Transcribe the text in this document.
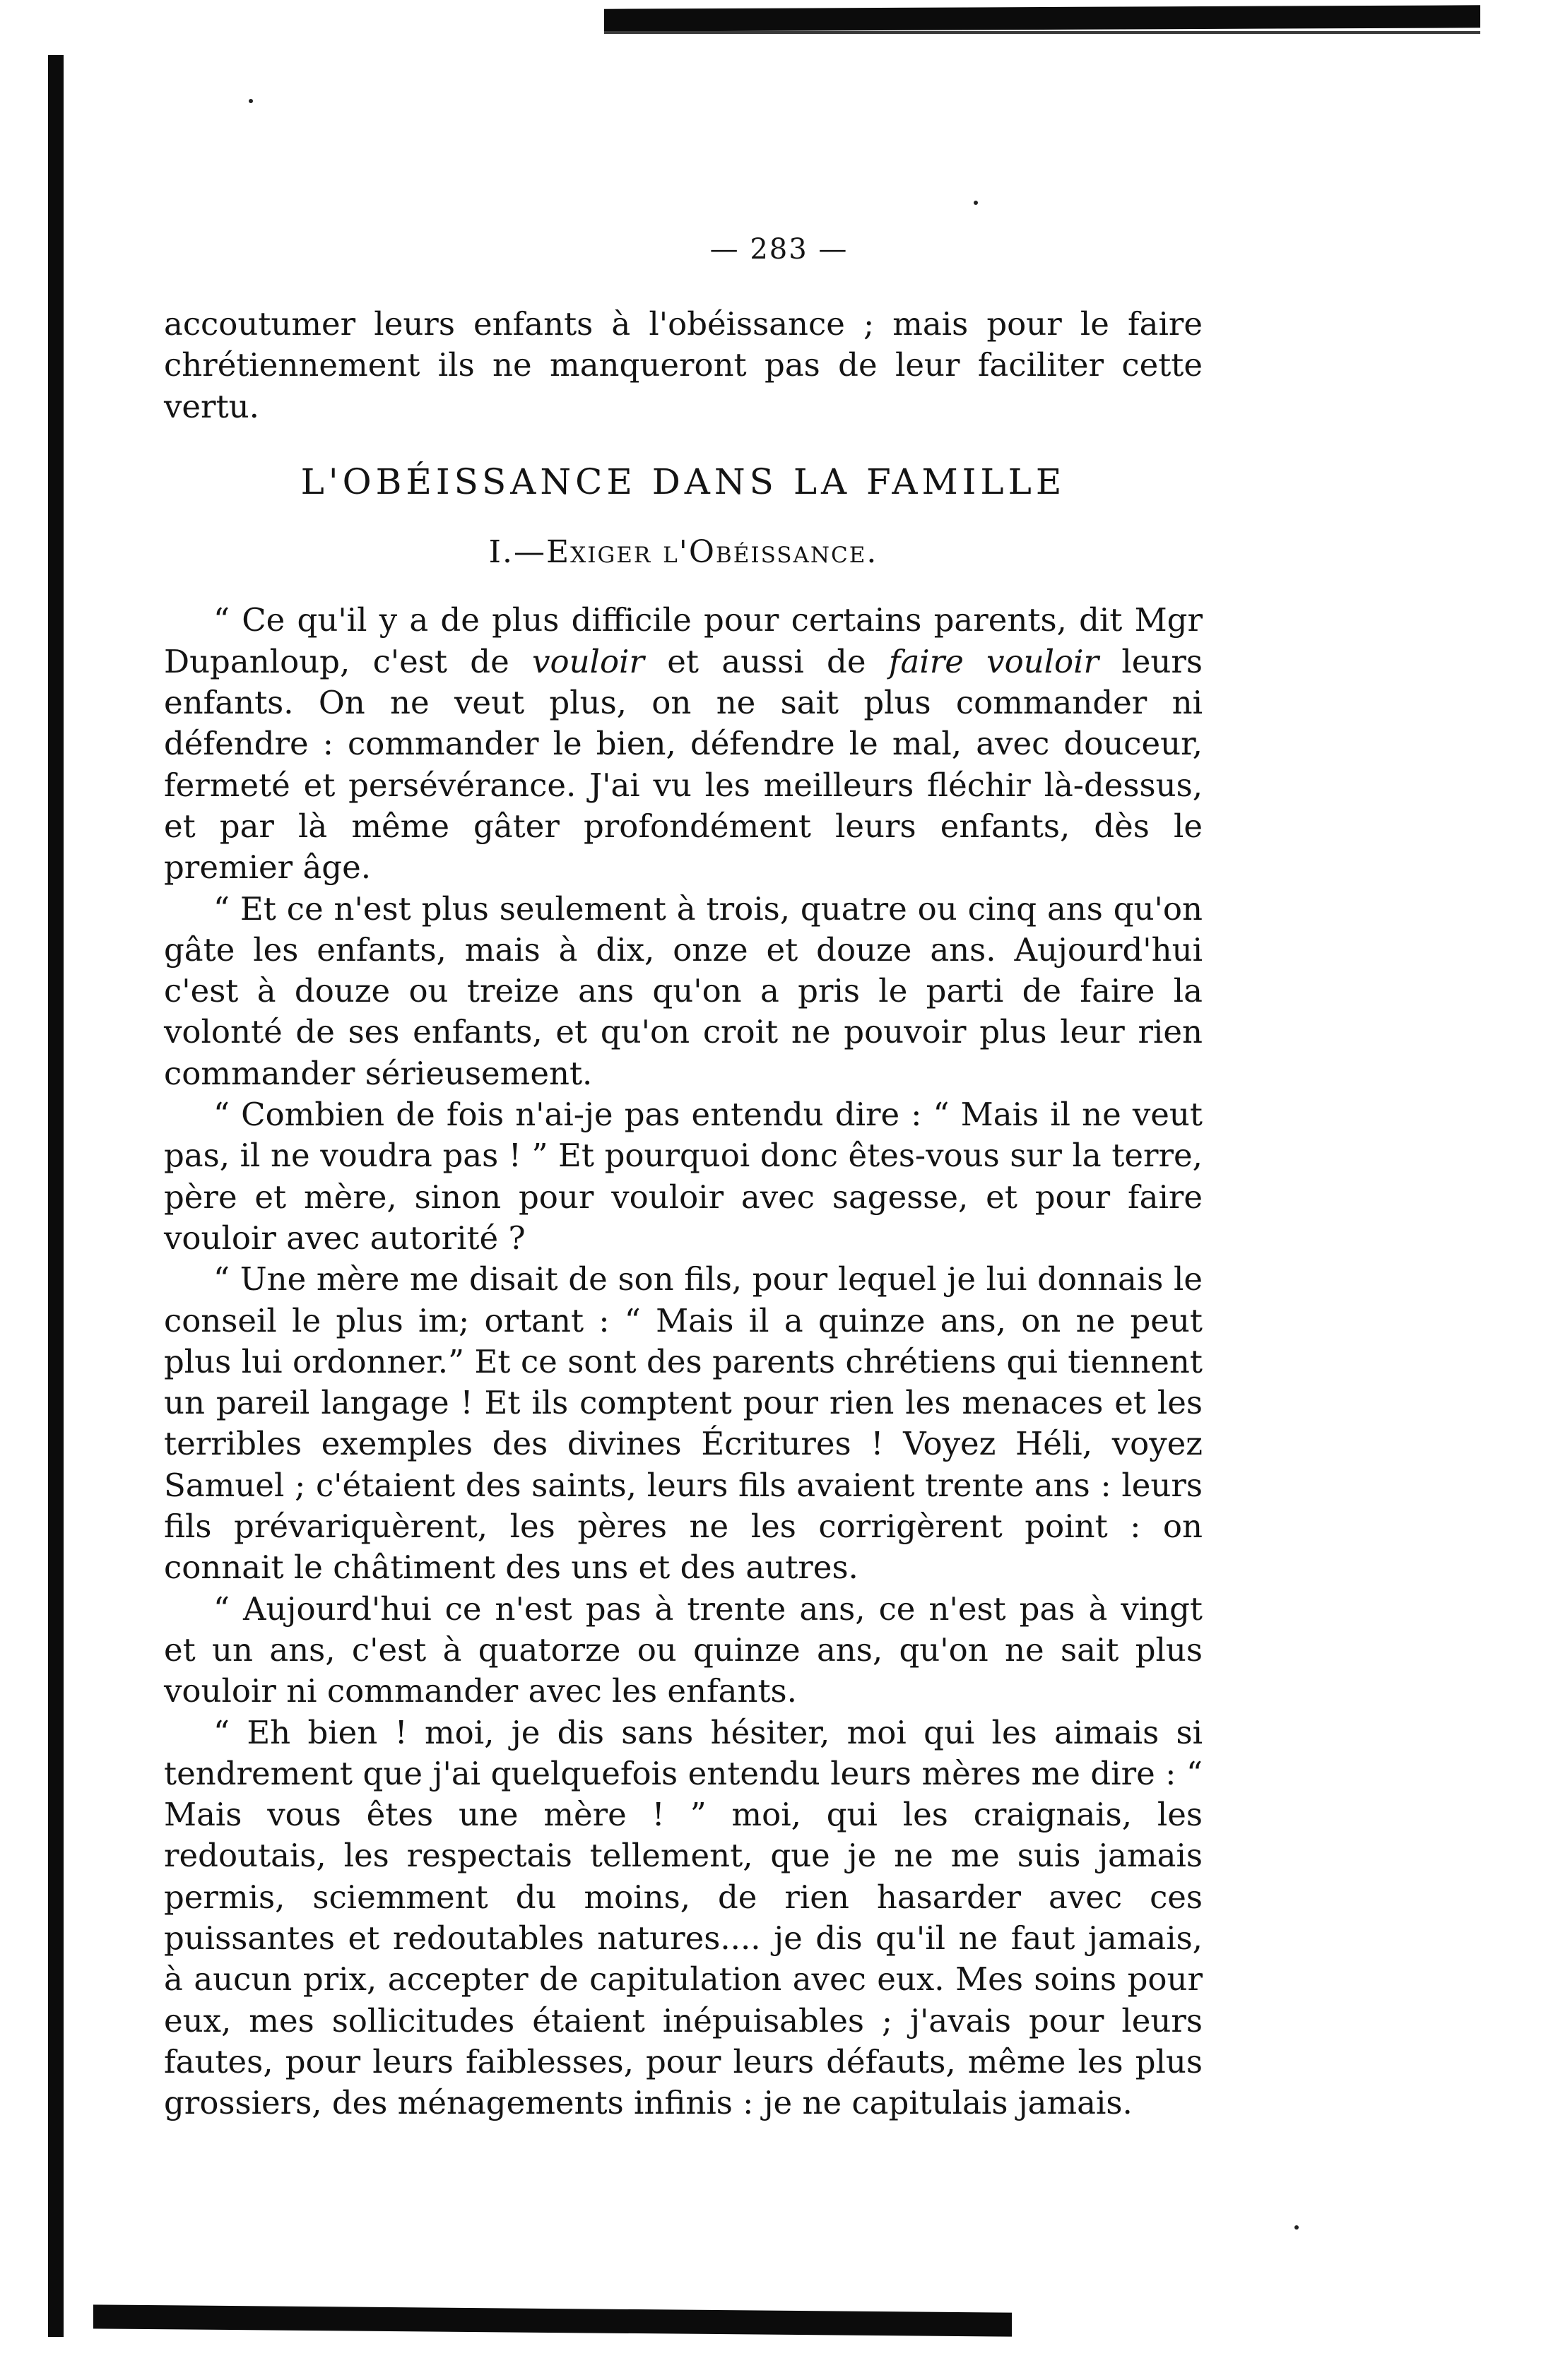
— 283 —

accoutumer leurs enfants à l'obéissance ; mais pour le faire chrétiennement ils ne manqueront pas de leur faciliter cette

vertu.

L'OBÉISSANCE DANS LA FAMILLE
I.—Exiger l'Obéissance.

“ Ce qu'il y a de plus difficile pour certains parents, dit Mgr Dupanloup, c'est de vouloir et aussi de faire vouloir leurs enfants. On ne veut plus, on ne sait plus commander ni défendre : commander le bien, défendre le mal, avec douceur, fermeté et persévérance. J'ai vu les meilleurs fléchir là-dessus, et par là même gâter profondément leurs enfants, dès le premier âge.

“ Et ce n'est plus seulement à trois, quatre ou cinq ans qu'on gâte les enfants, mais à dix, onze et douze ans. Aujourd'hui c'est à douze ou treize ans qu'on a pris le parti de faire la volonté de ses enfants, et qu'on croit ne pouvoir plus leur rien commander sérieusement.

“ Combien de fois n'ai-je pas entendu dire : “ Mais il ne veut pas, il ne voudra pas ! ” Et pourquoi donc êtes-vous sur la terre, père et mère, sinon pour vouloir avec sagesse, et pour faire vouloir avec autorité ?

“ Une mère me disait de son fils, pour lequel je lui donnais le conseil le plus im; ortant : “ Mais il a quinze ans, on ne peut plus lui ordonner.” Et ce sont des parents chrétiens qui tiennent un pareil langage ! Et ils comptent pour rien les menaces et les terribles exemples des divines Écritures ! Voyez Héli, voyez Samuel ; c'étaient des saints, leurs fils avaient trente ans : leurs fils prévariquèrent, les pères ne les corrigèrent point : on connait le châtiment des uns et des autres.

“ Aujourd'hui ce n'est pas à trente ans, ce n'est pas à vingt et un ans, c'est à quatorze ou quinze ans, qu'on ne sait plus vouloir ni commander avec les enfants.

“ Eh bien ! moi, je dis sans hésiter, moi qui les aimais si tendrement que j'ai quelquefois entendu leurs mères me dire : “ Mais vous êtes une mère ! ” moi, qui les craignais, les redoutais, les respectais tellement, que je ne me suis jamais permis, sciemment du moins, de rien hasarder avec ces puissantes et redoutables natures.... je dis qu'il ne faut jamais, à aucun prix, accepter de capitulation avec eux. Mes soins pour eux, mes sollicitudes étaient inépuisables ; j'avais pour leurs fautes, pour leurs faiblesses, pour leurs défauts, même les plus grossiers, des ménagements infinis : je ne capitulais jamais.
